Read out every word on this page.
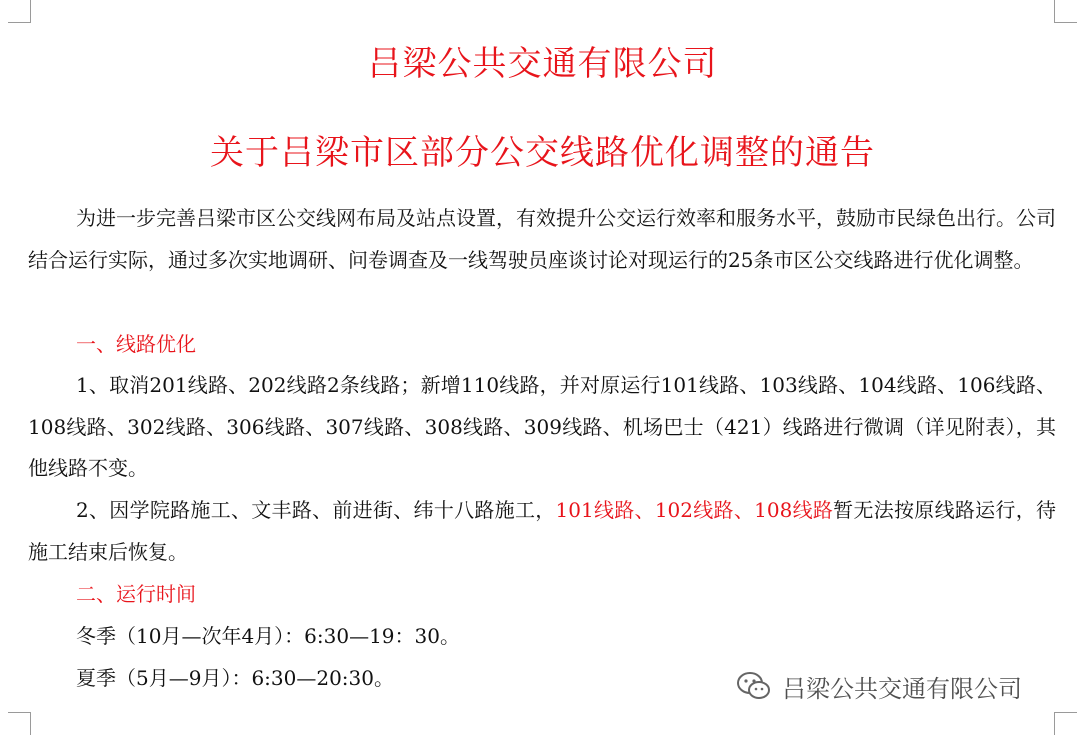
吕梁公共交通有限公司
关于吕梁市区部分公交线路优化调整的通告

为进一步完善吕梁市区公交线网布局及站点设置，有效提升公交运行效率和服务水平，鼓励市民绿色出行。公司结合运行实际，通过多次实地调研、问卷调查及一线驾驶员座谈讨论对现运行的25条市区公交线路进行优化调整。

一、线路优化

1、取消201线路、202线路2条线路；新增110线路，并对原运行101线路、103线路、104线路、106线路、108线路、302线路、306线路、307线路、308线路、309线路、机场巴士（421）线路进行微调（详见附表），其他线路不变。

2、因学院路施工、文丰路、前进街、纬十八路施工，101线路、102线路、108线路暂无法按原线路运行，待施工结束后恢复。

二、运行时间
冬季（10月—次年4月）：6:30—19：30。
夏季（5月—9月）：6:30—20:30。	吕梁公共交通有限公司
